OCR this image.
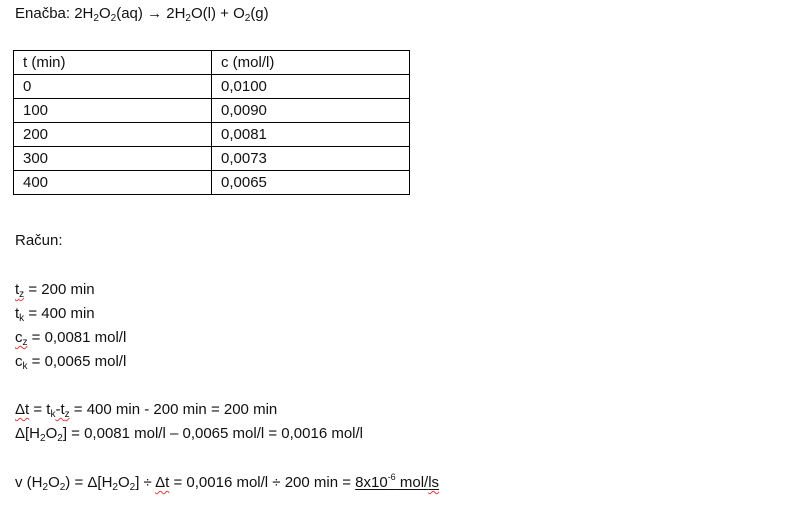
Enačba: $2H_2O_2(aq) \to 2H_2O(l) + O_2(g)$
t (min)	c (mol/l)
0	0,0100
100	0,0090
200	0,0081
300	0,0073
400	0,0065
Račun:
$t_z = 200$ min
$t_k = 400$ min
$c_z = 0,0081$ mol/l
$c_k = 0,0065$ mol/l
$\Delta t = t_k-t_z = 400$ min - 200 min = 200 min
$\Delta[H_2O_2] = 0,0081$ mol/l – 0,0065 mol/l = 0,0016 mol/l
v $(H_2O_2) = \Delta[H_2O_2] \div \Delta t = 0,0016$ mol/l ÷ 200 $\min = 8x10^{-6}$ mol/ls
